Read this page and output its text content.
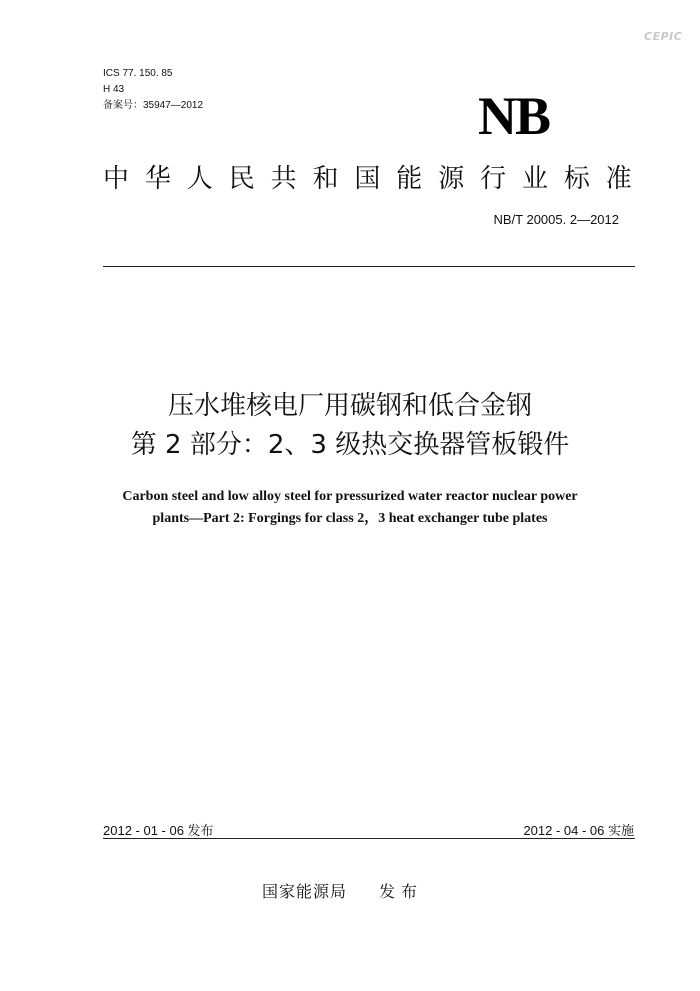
CEPIC
ICS 77. 150. 85
H 43
备案号：35947—2012	NB
中华人民共和国能源行业标准
NB/T 20005. 2—2012
压水堆核电厂用碳钢和低合金钢
第 2 部分：2、3 级热交换器管板锻件
Carbon steel and low alloy steel for pressurized water reactor nuclear power
plants—Part 2: Forgings for class 2，3 heat exchanger tube plates
2012 - 01 - 06 发布	2012 - 04 - 06 实施
国家能源局 发布
